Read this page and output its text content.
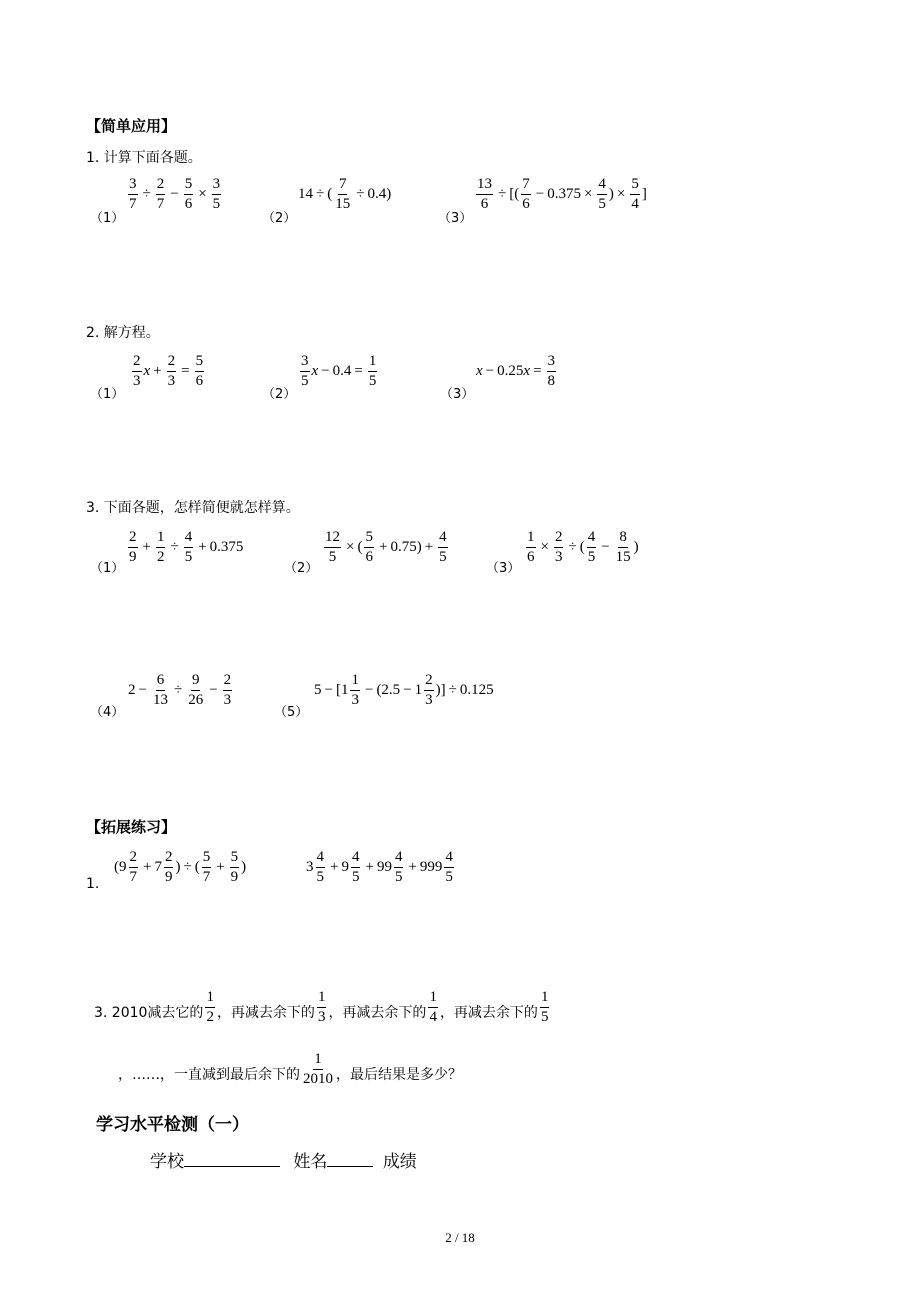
【简单应用】
1. 计算下面各题。
（1）
$\frac{3}{7} \div \frac{2}{7} - \frac{5}{6} \times \frac{3}{5}$
（2）
14 ÷ ( $\frac{7}{15} \div 0.4$)
（3）
$\frac{13}{6}$ ÷ [( $\frac{7}{6} - 0.375 \times \frac{4}{5}$ ) × $\frac{5}{4}$ ]
2. 解方程。
（1）
$\frac{2}{3}$ $x + \frac{2}{3} = \frac{5}{6}$
（2）
$\frac{3}{5}$ $x - 0.4 = \frac{1}{5}$
（3）
x − 0.25 $x = \frac{3}{8}$
3. 下面各题，怎样简便就怎样算。
（1）
$\frac{2}{9} + \frac{1}{2} \div \frac{4}{5} + 0.375$
（2）
$\frac{12}{5}$ × ( $\frac{5}{6} + 0.75) + \frac{4}{5}$
（3）
$\frac{1}{6} \times \frac{2}{3}$ ÷ ( $\frac{4}{5} - \frac{8}{15}$ )
（4）
$2 - \frac{6}{13} \div \frac{9}{26} - \frac{2}{3}$
（5）
$5 - [1 \frac{1}{3} - (2.5 - 1 \frac{2}{3}$ )] ÷ 0.125
【拓展练习】
1.
($9 \frac{2}{7} + 7 \frac{2}{9}$ ) ÷ ( $\frac{5}{7} + \frac{5}{9}$ )	$3 \frac{4}{5} + 9 \frac{4}{5} + 99 \frac{4}{5} + 999 \frac{4}{5}$
3. 2010减去它的 $\frac{1}{2}$ ，再减去余下的 $\frac{1}{3}$ ，再减去余下的 $\frac{1}{4}$ ，再减去余下的 $\frac{1}{5}$
，……，一直减到最后余下的 $\frac{1}{2010}$ ，最后结果是多少？
学习水平检测（一）
学校	姓名	成绩
2 / 18
